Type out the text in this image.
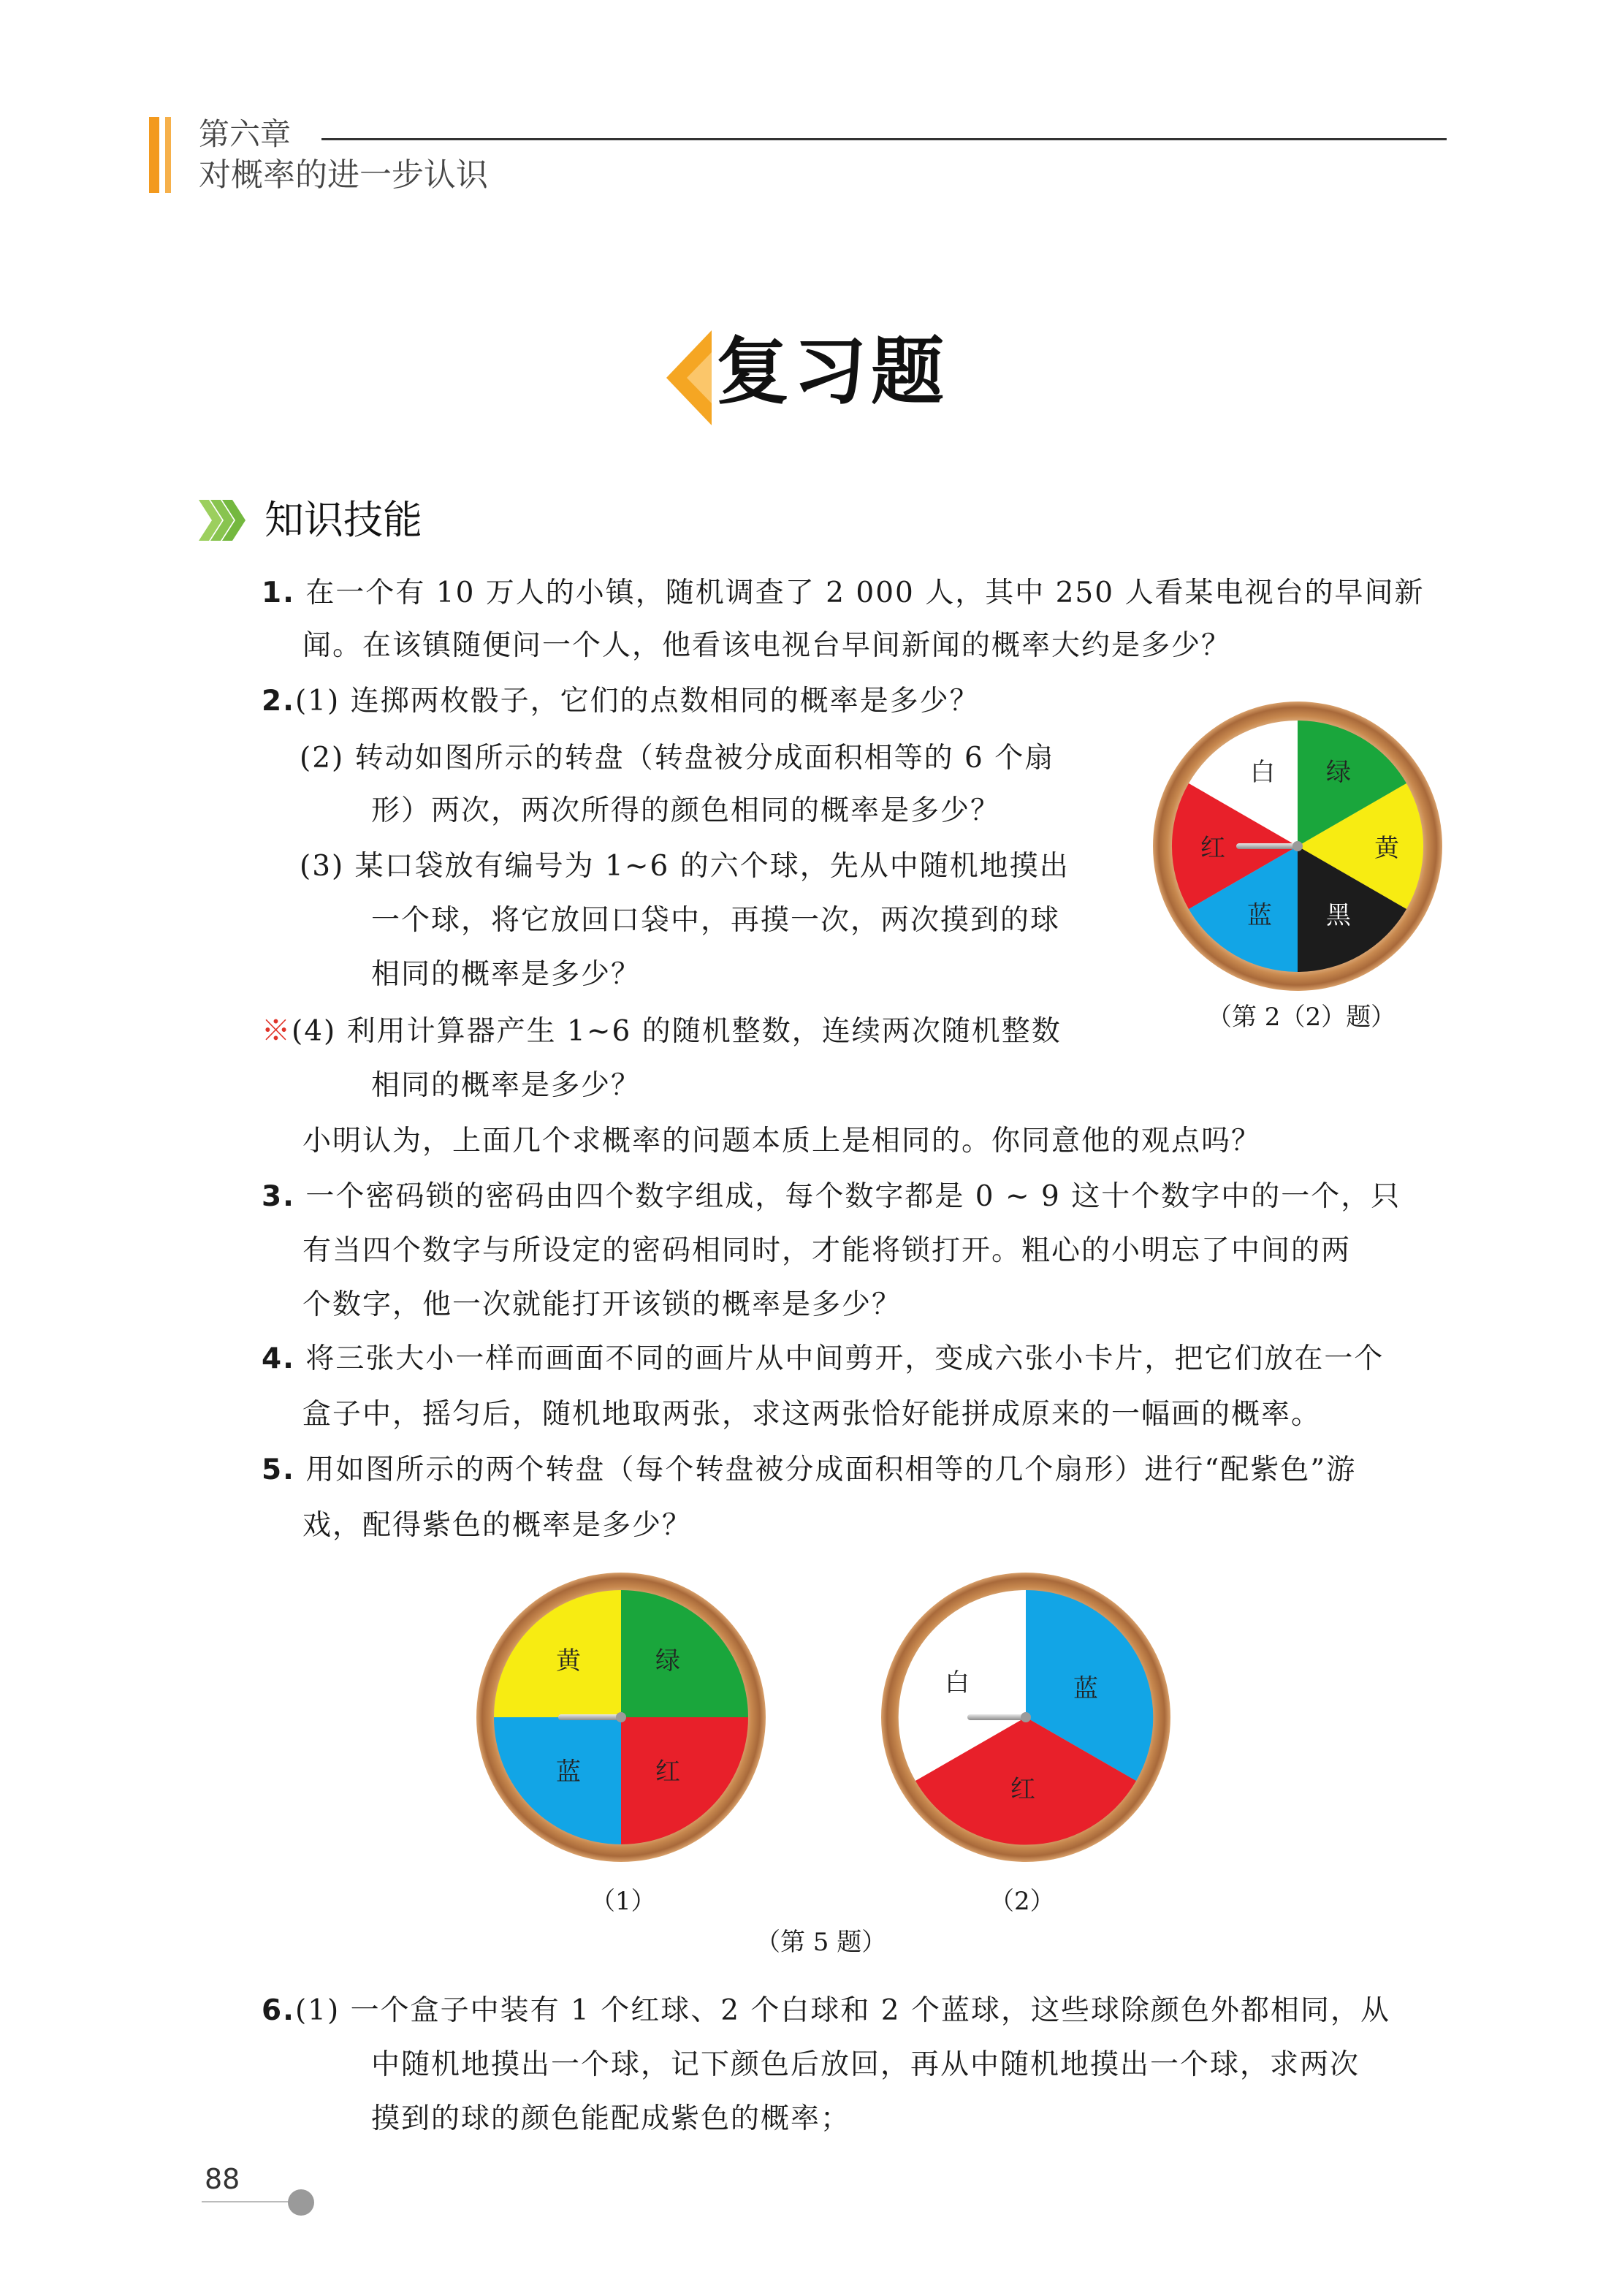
第六章
对概率的进一步认识
复习题
知识技能
1. 在一个有 10 万人的小镇，随机调查了 2 000 人，其中 250 人看某电视台的早间新
闻。在该镇随便问一个人，他看该电视台早间新闻的概率大约是多少？
2.(1) 连掷两枚骰子，它们的点数相同的概率是多少？
(2) 转动如图所示的转盘（转盘被分成面积相等的 6 个扇
形）两次，两次所得的颜色相同的概率是多少？
(3) 某口袋放有编号为 1~6 的六个球，先从中随机地摸出
一个球，将它放回口袋中，再摸一次，两次摸到的球
相同的概率是多少？
※(4) 利用计算器产生 1~6 的随机整数，连续两次随机整数
相同的概率是多少？
小明认为，上面几个求概率的问题本质上是相同的。你同意他的观点吗？
白 绿
红	黄
蓝 黑
（第 2（2）题）
3. 一个密码锁的密码由四个数字组成，每个数字都是 0 ~ 9 这十个数字中的一个，只
有当四个数字与所设定的密码相同时，才能将锁打开。粗心的小明忘了中间的两
个数字，他一次就能打开该锁的概率是多少？
4. 将三张大小一样而画面不同的画片从中间剪开，变成六张小卡片，把它们放在一个
盒子中，摇匀后，随机地取两张，求这两张恰好能拼成原来的一幅画的概率。
5. 用如图所示的两个转盘（每个转盘被分成面积相等的几个扇形）进行“配紫色”游
戏，配得紫色的概率是多少？
黄	绿
蓝	红
白	蓝
红
（1）	（2）
（第 5 题）
6.(1) 一个盒子中装有 1 个红球、2 个白球和 2 个蓝球，这些球除颜色外都相同，从
中随机地摸出一个球，记下颜色后放回，再从中随机地摸出一个球，求两次
摸到的球的颜色能配成紫色的概率；
88
